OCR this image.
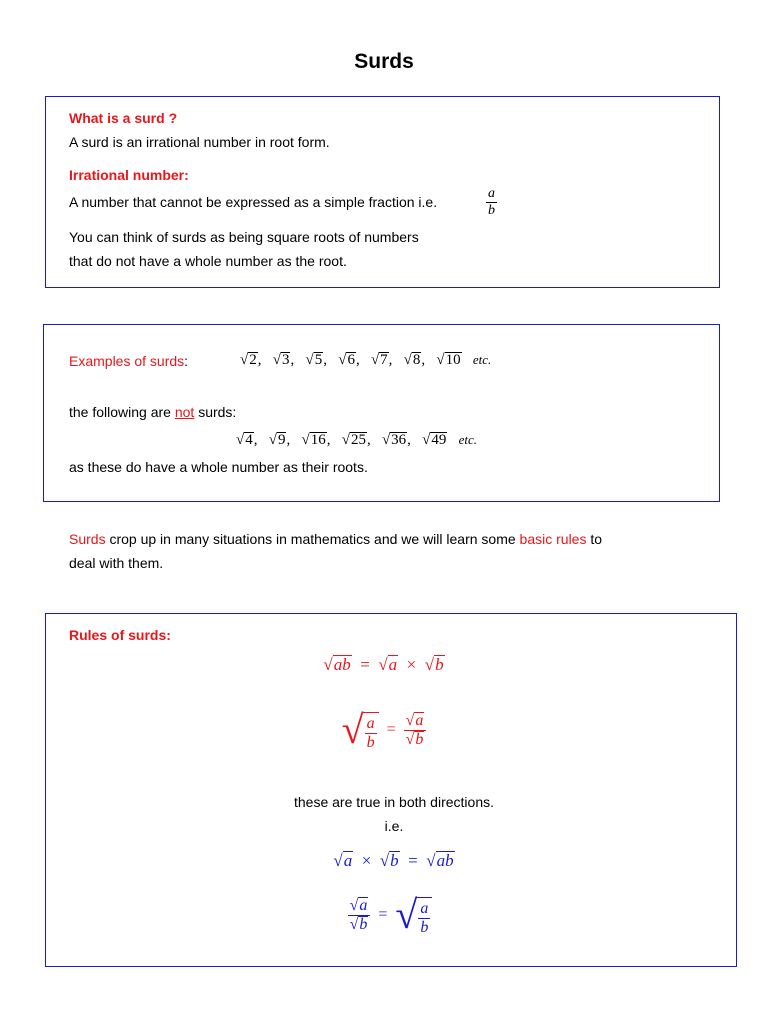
Surds
What is a surd ?
A surd is an irrational number in root form.
Irrational number:
A number that cannot be expressed as a simple fraction i.e.	$\frac{a}{b}$
You can think of surds as being square roots of numbers
that do not have a whole number as the root.
Examples of surds:	√2,   √3,   √5,   √6,   √7,   √8,   √10 etc.
the following are not surds:
√4,   √9,   √16,   √25,   √36,   √49 etc.
as these do have a whole number as their roots.
Surds crop up in many situations in mathematics and we will learn some basic rules to
deal with them.
Rules of surds:
√ab = √a × √b
√ $\frac{a}{b} = \frac{√a}{√b}$
these are true in both directions.
i.e.
√a × √b = √ab
$\frac{√a}{√b}$ = √ $\frac{a}{b}$
